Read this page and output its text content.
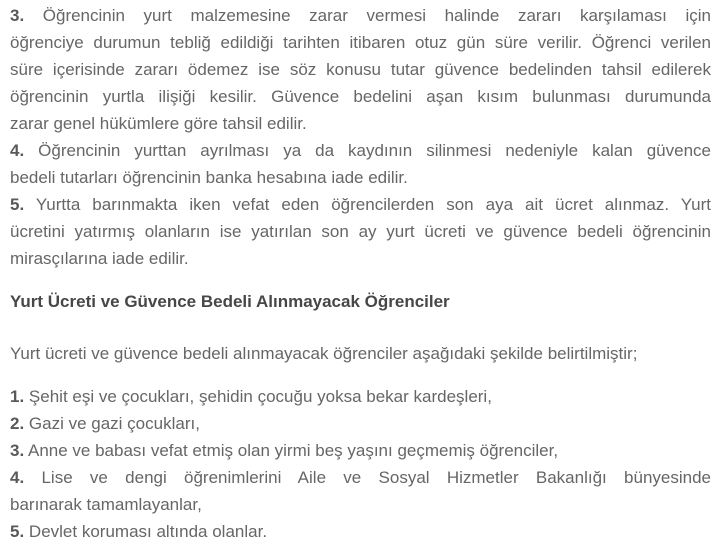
3. Öğrencinin yurt malzemesine zarar vermesi halinde zararı karşılaması için
öğrenciye durumun tebliğ edildiği tarihten itibaren otuz gün süre verilir. Öğrenci verilen
süre içerisinde zararı ödemez ise söz konusu tutar güvence bedelinden tahsil edilerek
öğrencinin yurtla ilişiği kesilir. Güvence bedelini aşan kısım bulunması durumunda
zarar genel hükümlere göre tahsil edilir.

4. Öğrencinin yurttan ayrılması ya da kaydının silinmesi nedeniyle kalan güvence
bedeli tutarları öğrencinin banka hesabına iade edilir.

5. Yurtta barınmakta iken vefat eden öğrencilerden son aya ait ücret alınmaz. Yurt
ücretini yatırmış olanların ise yatırılan son ay yurt ücreti ve güvence bedeli öğrencinin
mirasçılarına iade edilir.

Yurt Ücreti ve Güvence Bedeli Alınmayacak Öğrenciler

Yurt ücreti ve güvence bedeli alınmayacak öğrenciler aşağıdaki şekilde belirtilmiştir;

1. Şehit eşi ve çocukları, şehidin çocuğu yoksa bekar kardeşleri,
2. Gazi ve gazi çocukları,
3. Anne ve babası vefat etmiş olan yirmi beş yaşını geçmemiş öğrenciler,
4. Lise ve dengi öğrenimlerini Aile ve Sosyal Hizmetler Bakanlığı bünyesinde
barınarak tamamlayanlar,
5. Devlet koruması altında olanlar.
